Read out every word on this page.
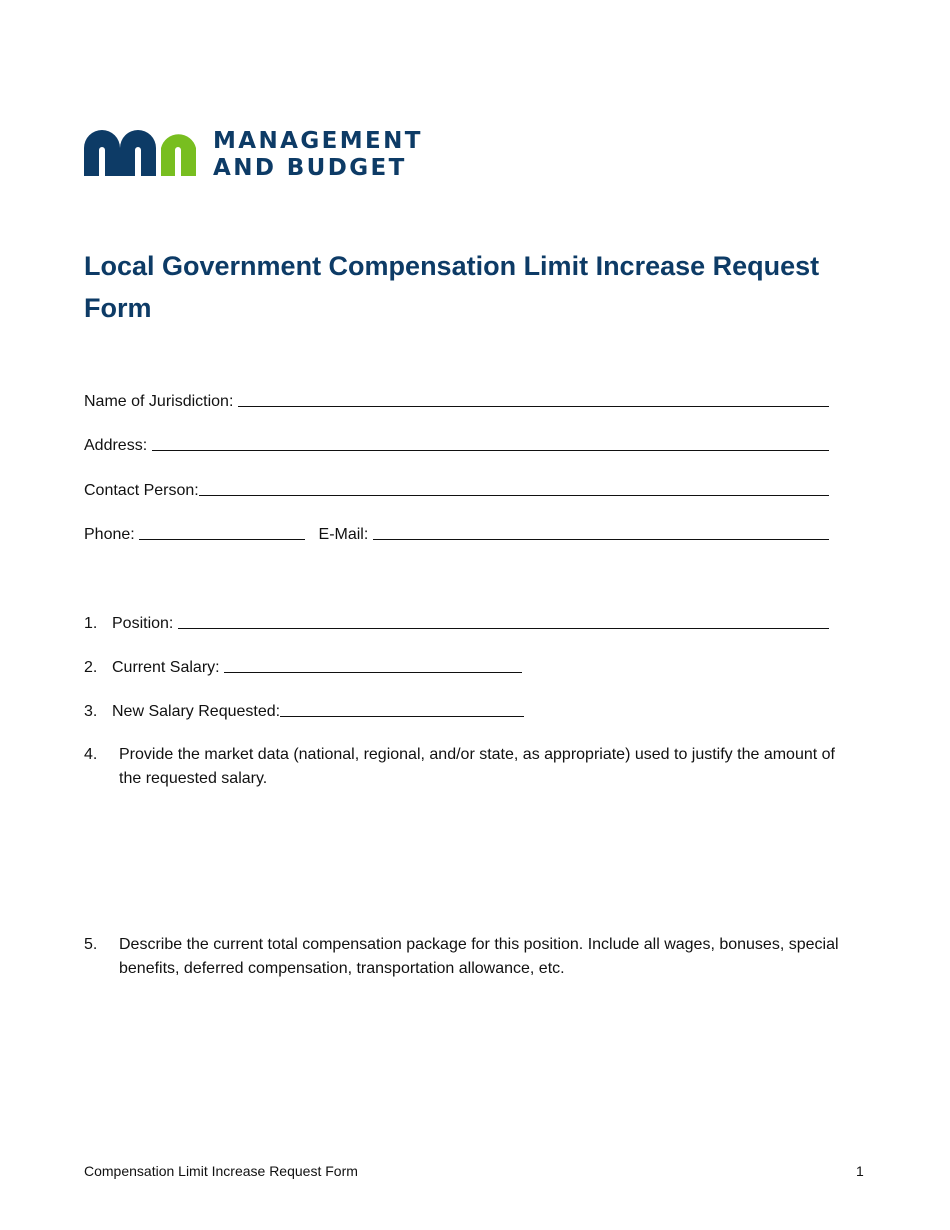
MANAGEMENT
AND BUDGET
Local Government Compensation Limit Increase Request Form
Name of Jurisdiction:

Address:

Contact Person:
Phone:

	E-Mail:

1. Position:

2. Current Salary:

3. New Salary Requested:
4.	Provide the market data (national, regional, and/or state, as appropriate) used to justify the amount of the requested salary.
5.	Describe the current total compensation package for this position. Include all wages, bonuses, special benefits, deferred compensation, transportation allowance, etc.
Compensation Limit Increase Request Form	1
